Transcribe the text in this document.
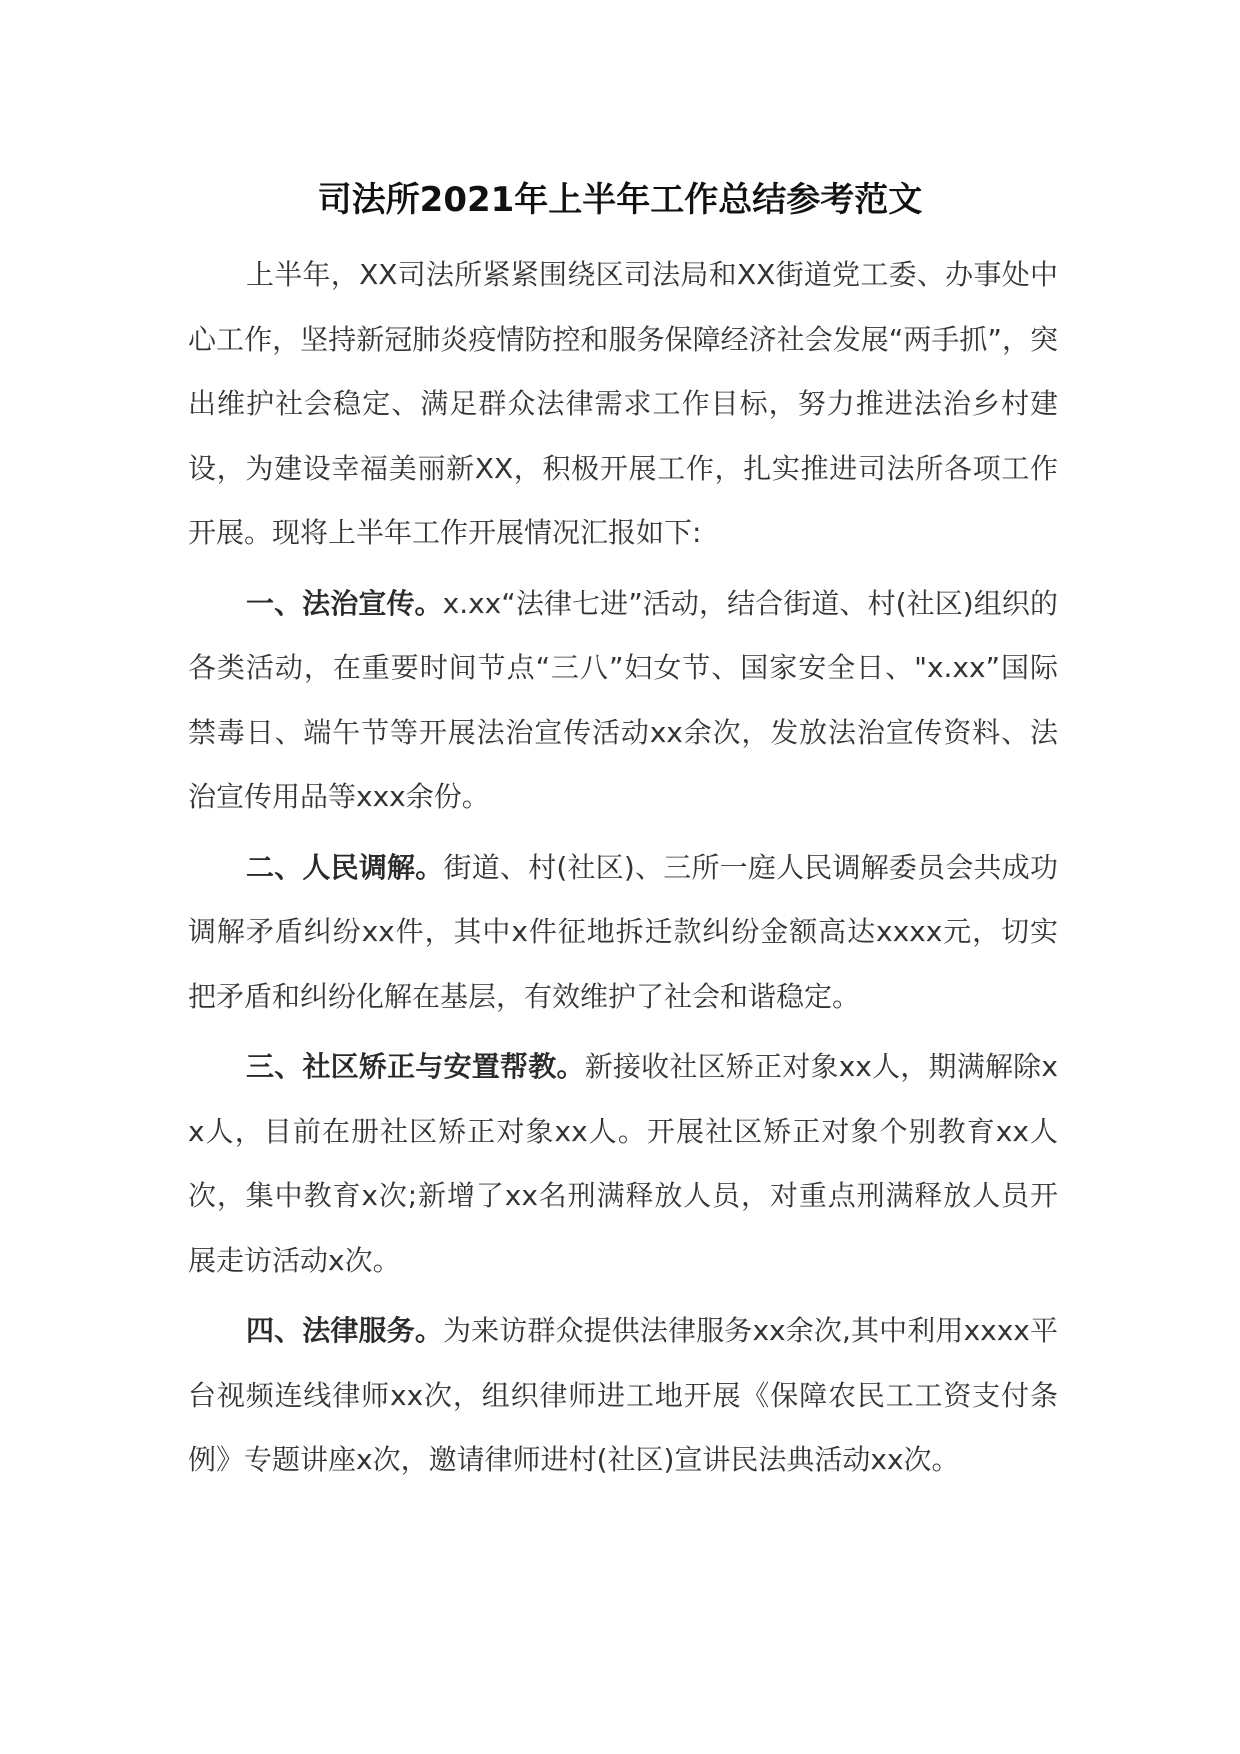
司法所2021年上半年工作总结参考范文

上半年，XX司法所紧紧围绕区司法局和XX街道党工委、办事处中心工作，坚持新冠肺炎疫情防控和服务保障经济社会发展“两手抓”，突出维护社会稳定、满足群众法律需求工作目标，努力推进法治乡村建设，为建设幸福美丽新XX，积极开展工作，扎实推进司法所各项工作开展。现将上半年工作开展情况汇报如下:

一、法治宣传。x.xx“法律七进”活动，结合街道、村(社区)组织的各类活动，在重要时间节点“三八”妇女节、国家安全日、"x.xx”国际禁毒日、端午节等开展法治宣传活动xx余次，发放法治宣传资料、法治宣传用品等xxx余份。

二、人民调解。街道、村(社区)、三所一庭人民调解委员会共成功调解矛盾纠纷xx件，其中x件征地拆迁款纠纷金额高达xxxx元，切实把矛盾和纠纷化解在基层，有效维护了社会和谐稳定。

三、社区矫正与安置帮教。新接收社区矫正对象xx人，期满解除xx人，目前在册社区矫正对象xx人。开展社区矫正对象个别教育xx人次，集中教育x次;新增了xx名刑满释放人员，对重点刑满释放人员开展走访活动x次。

四、法律服务。为来访群众提供法律服务xx余次,其中利用xxxx平台视频连线律师xx次，组织律师进工地开展《保障农民工工资支付条例》专题讲座x次，邀请律师进村(社区)宣讲民法典活动xx次。
